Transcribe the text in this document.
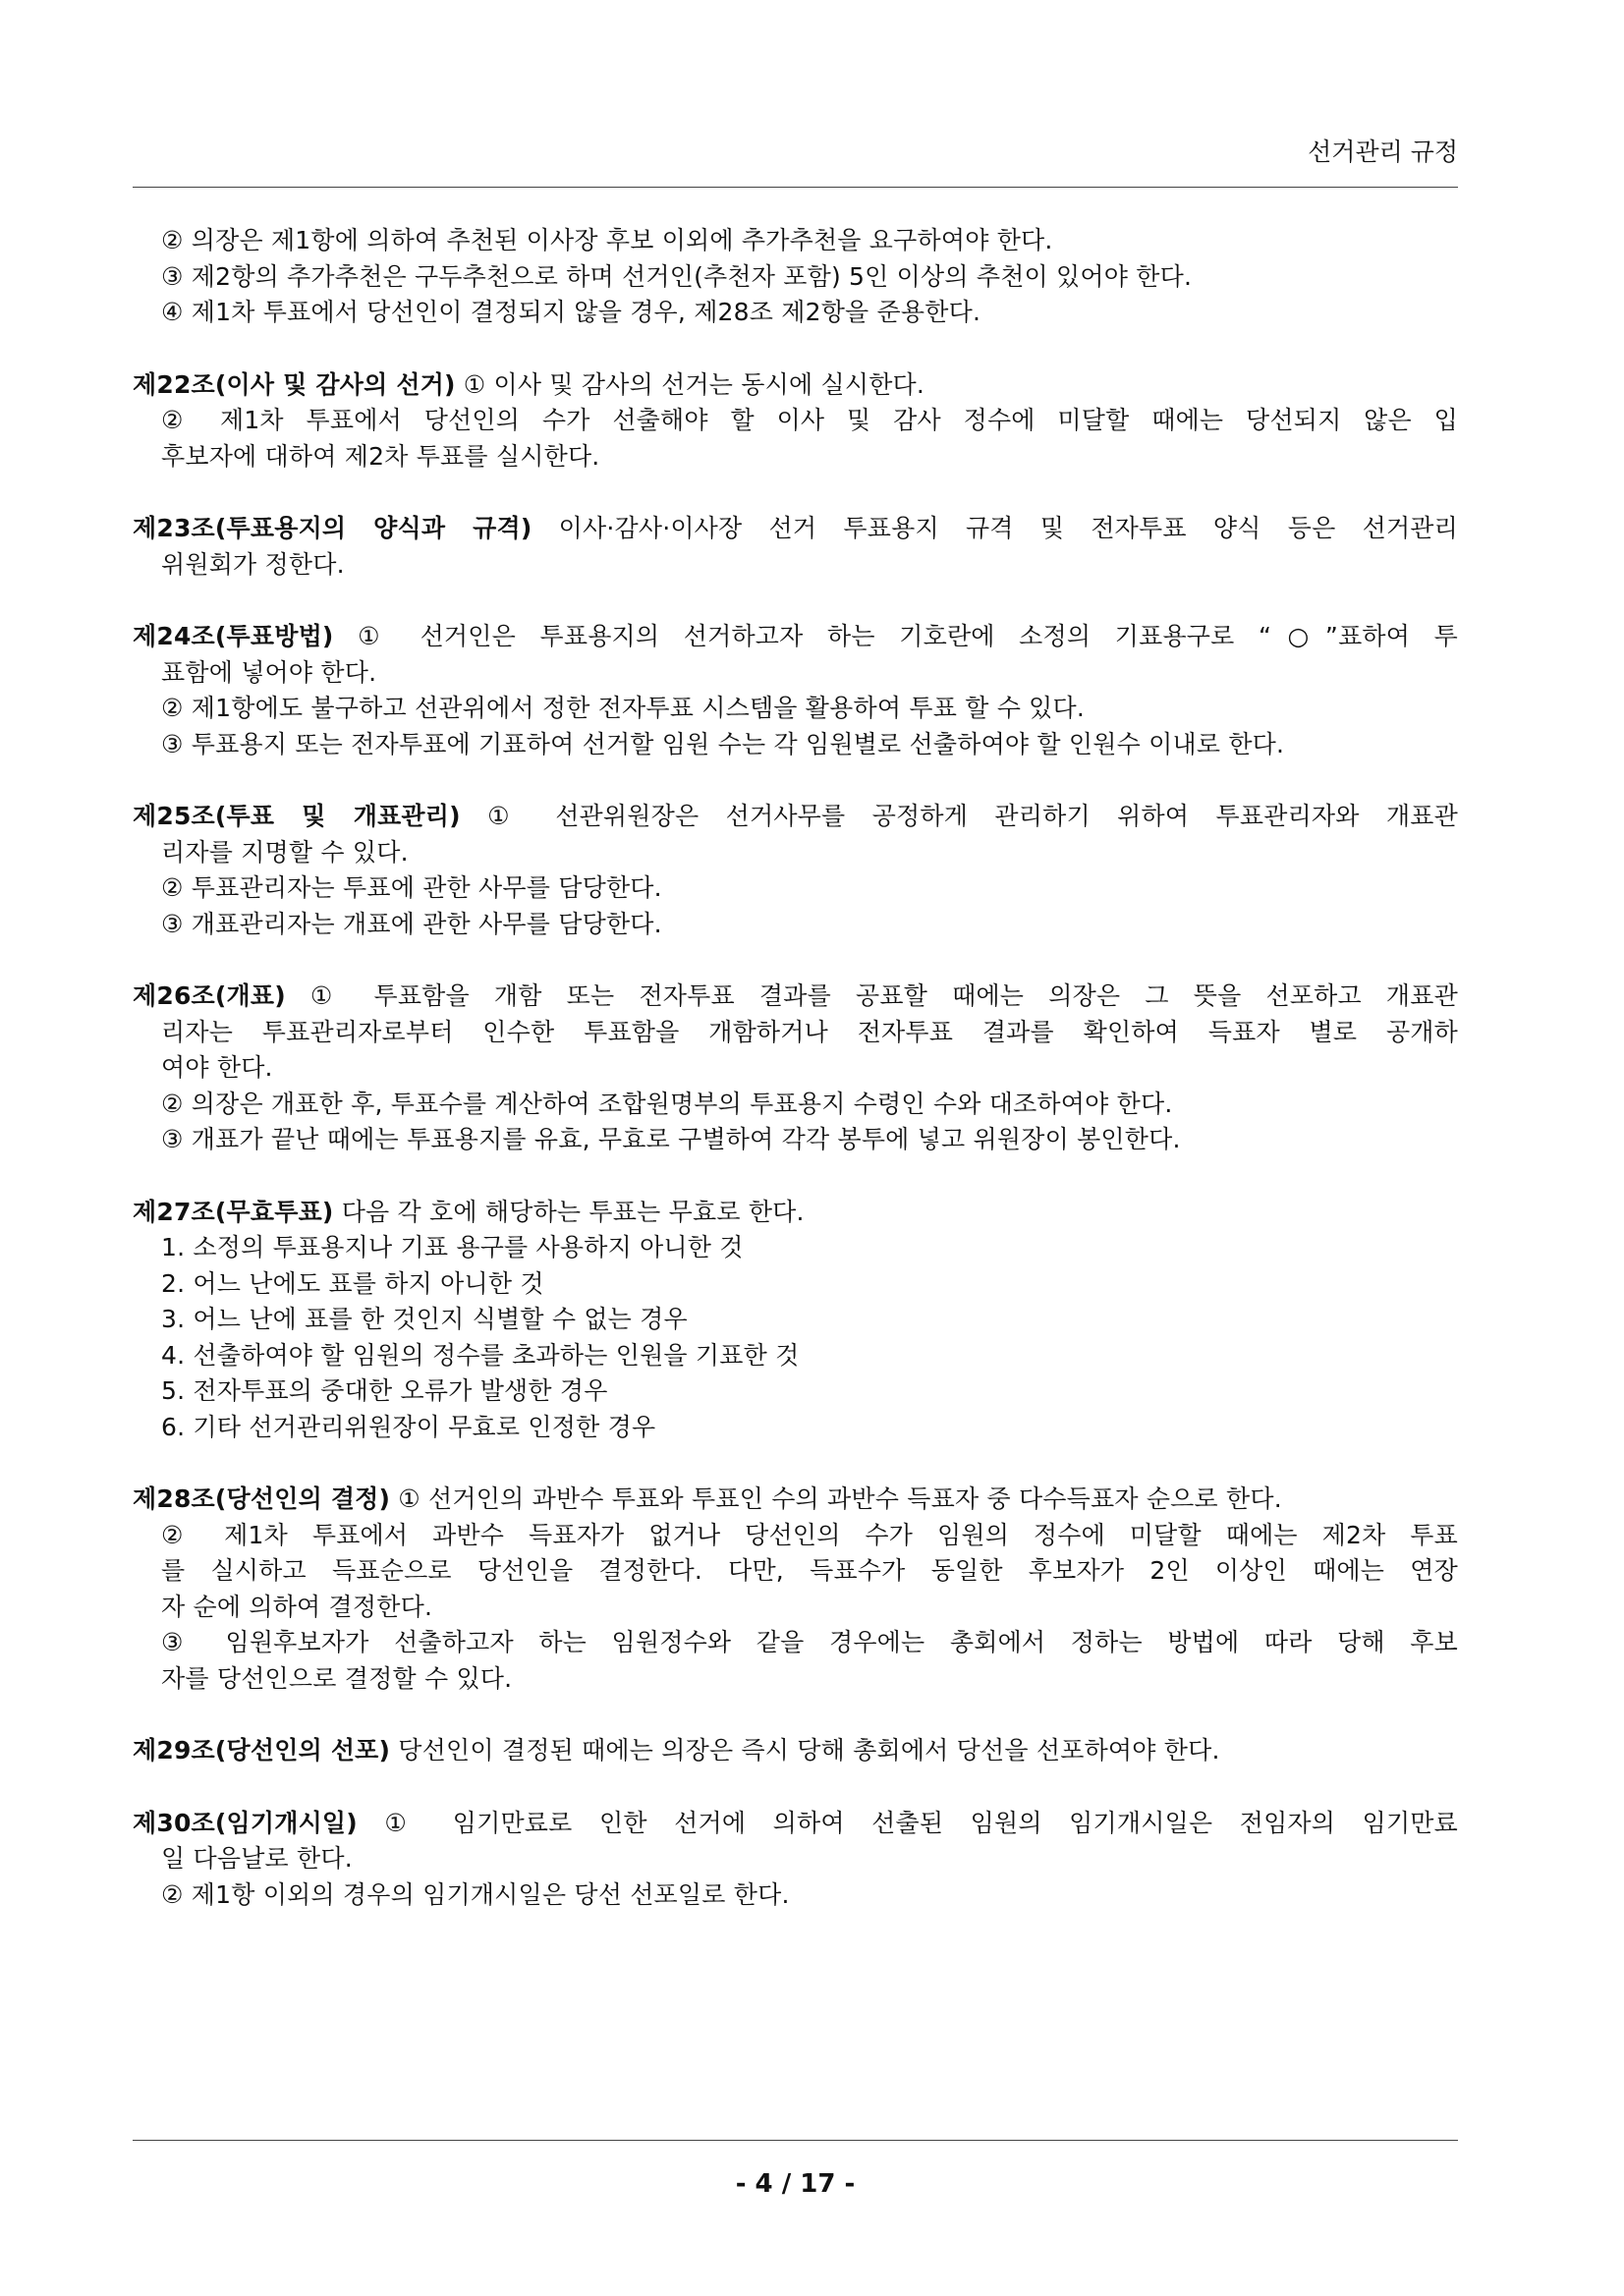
선거관리 규정
② 의장은 제1항에 의하여 추천된 이사장 후보 이외에 추가추천을 요구하여야 한다.
③ 제2항의 추가추천은 구두추천으로 하며 선거인(추천자 포함) 5인 이상의 추천이 있어야 한다.
④ 제1차 투표에서 당선인이 결정되지 않을 경우, 제28조 제2항을 준용한다.
제22조(이사 및 감사의 선거) ① 이사 및 감사의 선거는 동시에 실시한다.
② 제1차 투표에서 당선인의 수가 선출해야 할 이사 및 감사 정수에 미달할 때에는 당선되지 않은 입
후보자에 대하여 제2차 투표를 실시한다.
제23조(투표용지의 양식과 규격) 이사·감사·이사장 선거 투표용지 규격 및 전자투표 양식 등은 선거관리
위원회가 정한다.
제24조(투표방법) ① 선거인은 투표용지의 선거하고자 하는 기호란에 소정의 기표용구로 “○”표하여 투
표함에 넣어야 한다.
② 제1항에도 불구하고 선관위에서 정한 전자투표 시스템을 활용하여 투표 할 수 있다.
③ 투표용지 또는 전자투표에 기표하여 선거할 임원 수는 각 임원별로 선출하여야 할 인원수 이내로 한다.
제25조(투표 및 개표관리) ① 선관위원장은 선거사무를 공정하게 관리하기 위하여 투표관리자와 개표관
리자를 지명할 수 있다.
② 투표관리자는 투표에 관한 사무를 담당한다.
③ 개표관리자는 개표에 관한 사무를 담당한다.
제26조(개표) ① 투표함을 개함 또는 전자투표 결과를 공표할 때에는 의장은 그 뜻을 선포하고 개표관
리자는 투표관리자로부터 인수한 투표함을 개함하거나 전자투표 결과를 확인하여 득표자 별로 공개하
여야 한다.
② 의장은 개표한 후, 투표수를 계산하여 조합원명부의 투표용지 수령인 수와 대조하여야 한다.
③ 개표가 끝난 때에는 투표용지를 유효, 무효로 구별하여 각각 봉투에 넣고 위원장이 봉인한다.
제27조(무효투표) 다음 각 호에 해당하는 투표는 무효로 한다.
1. 소정의 투표용지나 기표 용구를 사용하지 아니한 것
2. 어느 난에도 표를 하지 아니한 것
3. 어느 난에 표를 한 것인지 식별할 수 없는 경우
4. 선출하여야 할 임원의 정수를 초과하는 인원을 기표한 것
5. 전자투표의 중대한 오류가 발생한 경우
6. 기타 선거관리위원장이 무효로 인정한 경우
제28조(당선인의 결정) ① 선거인의 과반수 투표와 투표인 수의 과반수 득표자 중 다수득표자 순으로 한다.
② 제1차 투표에서 과반수 득표자가 없거나 당선인의 수가 임원의 정수에 미달할 때에는 제2차 투표
를 실시하고 득표순으로 당선인을 결정한다. 다만, 득표수가 동일한 후보자가 2인 이상인 때에는 연장
자 순에 의하여 결정한다.
③ 임원후보자가 선출하고자 하는 임원정수와 같을 경우에는 총회에서 정하는 방법에 따라 당해 후보
자를 당선인으로 결정할 수 있다.
제29조(당선인의 선포) 당선인이 결정된 때에는 의장은 즉시 당해 총회에서 당선을 선포하여야 한다.
제30조(임기개시일) ① 임기만료로 인한 선거에 의하여 선출된 임원의 임기개시일은 전임자의 임기만료
일 다음날로 한다.
② 제1항 이외의 경우의 임기개시일은 당선 선포일로 한다.
- 4 / 17 -
